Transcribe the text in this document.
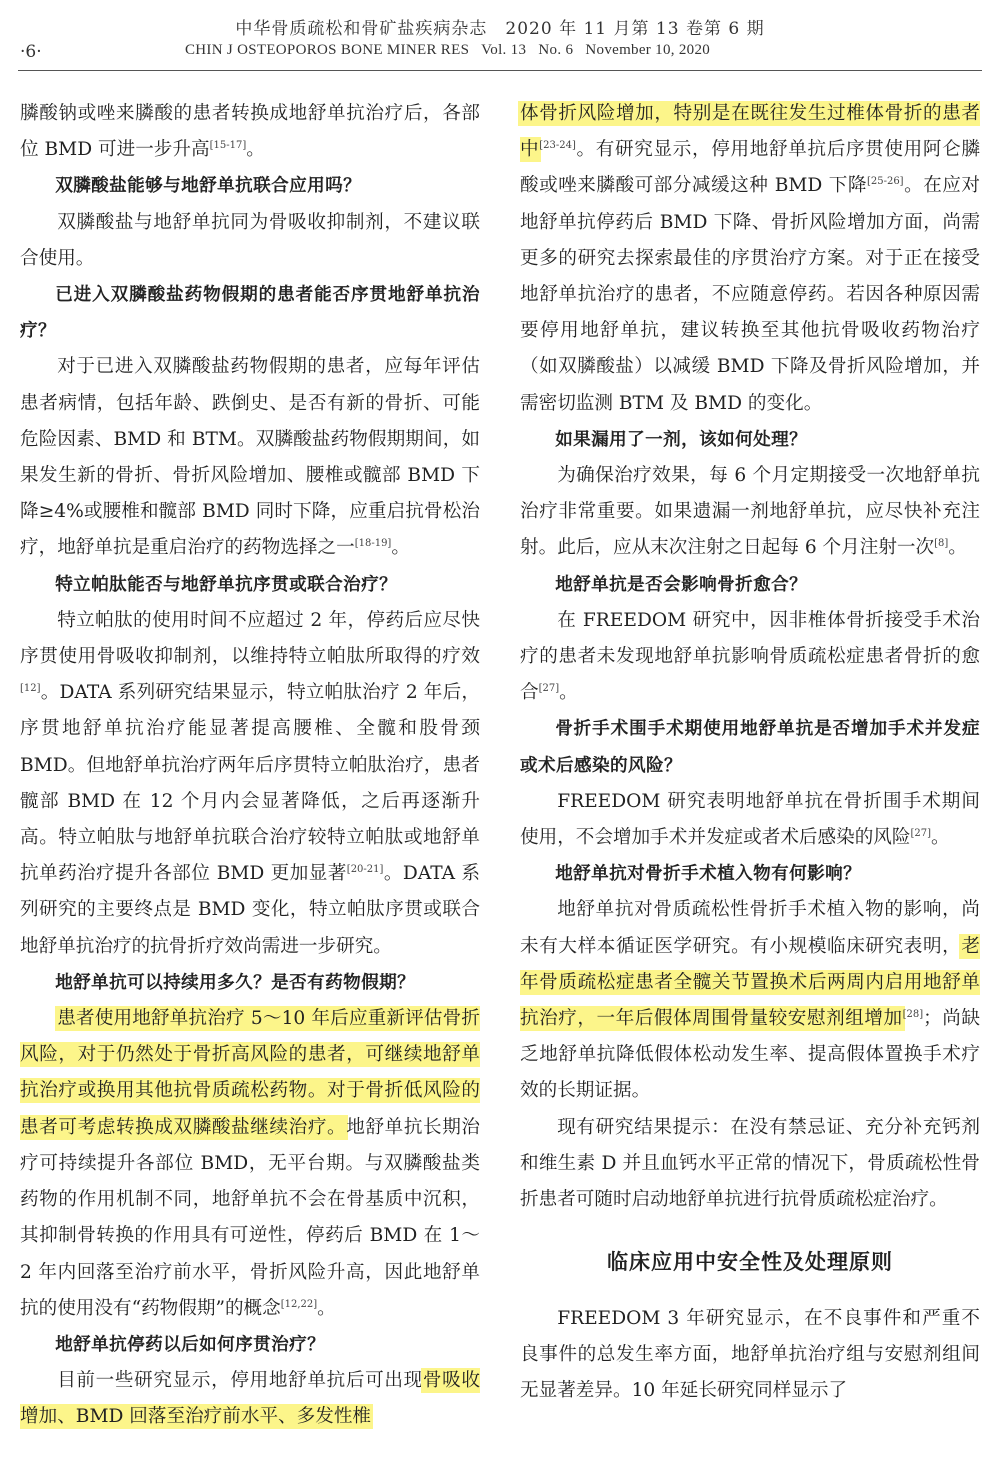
中华骨质疏松和骨矿盐疾病杂志　2020 年 11 月第 13 卷第 6 期
·6·	CHIN J OSTEOPOROS BONE MINER RES   Vol. 13   No. 6   November 10, 2020

膦酸钠或唑来膦酸的患者转换成地舒单抗治疗后，各部位 BMD 可进一步升高[15-17]。

双膦酸盐能够与地舒单抗联合应用吗？

双膦酸盐与地舒单抗同为骨吸收抑制剂，不建议联合使用。

已进入双膦酸盐药物假期的患者能否序贯地舒单抗治疗？

对于已进入双膦酸盐药物假期的患者，应每年评估患者病情，包括年龄、跌倒史、是否有新的骨折、可能危险因素、BMD 和 BTM。双膦酸盐药物假期期间，如果发生新的骨折、骨折风险增加、腰椎或髋部 BMD 下降≥4%或腰椎和髋部 BMD 同时下降，应重启抗骨松治疗，地舒单抗是重启治疗的药物选择之一[18-19]。

特立帕肽能否与地舒单抗序贯或联合治疗？

特立帕肽的使用时间不应超过 2 年，停药后应尽快序贯使用骨吸收抑制剂，以维持特立帕肽所取得的疗效[12]。DATA 系列研究结果显示，特立帕肽治疗 2 年后，序贯地舒单抗治疗能显著提高腰椎、全髋和股骨颈 BMD。但地舒单抗治疗两年后序贯特立帕肽治疗，患者髋部 BMD 在 12 个月内会显著降低，之后再逐渐升高。特立帕肽与地舒单抗联合治疗较特立帕肽或地舒单抗单药治疗提升各部位 BMD 更加显著[20-21]。DATA 系列研究的主要终点是 BMD 变化，特立帕肽序贯或联合地舒单抗治疗的抗骨折疗效尚需进一步研究。

地舒单抗可以持续用多久？是否有药物假期？

患者使用地舒单抗治疗 5～10 年后应重新评估骨折风险，对于仍然处于骨折高风险的患者，可继续地舒单抗治疗或换用其他抗骨质疏松药物。对于骨折低风险的患者可考虑转换成双膦酸盐继续治疗。地舒单抗长期治疗可持续提升各部位 BMD，无平台期。与双膦酸盐类药物的作用机制不同，地舒单抗不会在骨基质中沉积，其抑制骨转换的作用具有可逆性，停药后 BMD 在 1～2 年内回落至治疗前水平，骨折风险升高，因此地舒单抗的使用没有“药物假期”的概念[12,22]。

地舒单抗停药以后如何序贯治疗？

目前一些研究显示，停用地舒单抗后可出现骨吸收增加、BMD 回落至治疗前水平、多发性椎

体骨折风险增加，特别是在既往发生过椎体骨折的患者中[23-24]。有研究显示，停用地舒单抗后序贯使用阿仑膦酸或唑来膦酸可部分减缓这种 BMD 下降[25-26]。在应对地舒单抗停药后 BMD 下降、骨折风险增加方面，尚需更多的研究去探索最佳的序贯治疗方案。对于正在接受地舒单抗治疗的患者，不应随意停药。若因各种原因需要停用地舒单抗，建议转换至其他抗骨吸收药物治疗（如双膦酸盐）以减缓 BMD 下降及骨折风险增加，并需密切监测 BTM 及 BMD 的变化。

如果漏用了一剂，该如何处理？

为确保治疗效果，每 6 个月定期接受一次地舒单抗治疗非常重要。如果遗漏一剂地舒单抗，应尽快补充注射。此后，应从末次注射之日起每 6 个月注射一次[8]。

地舒单抗是否会影响骨折愈合？

在 FREEDOM 研究中，因非椎体骨折接受手术治疗的患者未发现地舒单抗影响骨质疏松症患者骨折的愈合[27]。

骨折手术围手术期使用地舒单抗是否增加手术并发症或术后感染的风险？

FREEDOM 研究表明地舒单抗在骨折围手术期间使用，不会增加手术并发症或者术后感染的风险[27]。

地舒单抗对骨折手术植入物有何影响？

地舒单抗对骨质疏松性骨折手术植入物的影响，尚未有大样本循证医学研究。有小规模临床研究表明，老年骨质疏松症患者全髋关节置换术后两周内启用地舒单抗治疗，一年后假体周围骨量较安慰剂组增加[28]；尚缺乏地舒单抗降低假体松动发生率、提高假体置换手术疗效的长期证据。

现有研究结果提示：在没有禁忌证、充分补充钙剂和维生素 D 并且血钙水平正常的情况下，骨质疏松性骨折患者可随时启动地舒单抗进行抗骨质疏松症治疗。

临床应用中安全性及处理原则

FREEDOM 3 年研究显示，在不良事件和严重不良事件的总发生率方面，地舒单抗治疗组与安慰剂组间无显著差异。10 年延长研究同样显示了
